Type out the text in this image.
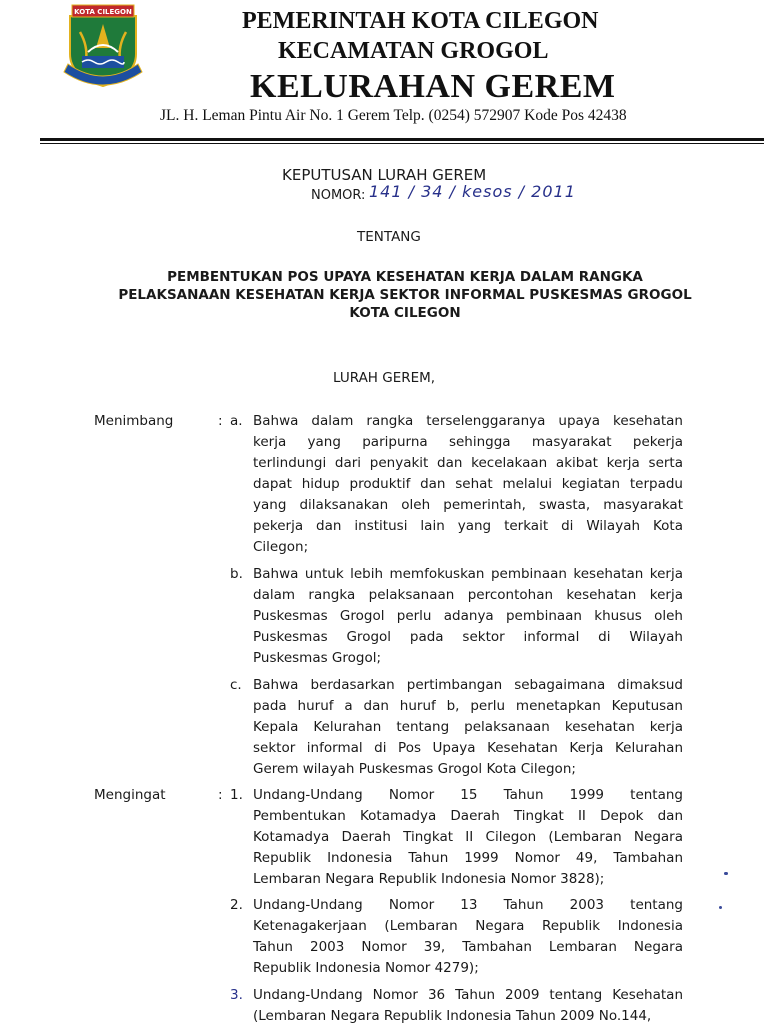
KOTA CILEGON	PEMERINTAH KOTA CILEGON
KECAMATAN GROGOL
KELURAHAN GEREM
JL. H. Leman Pintu Air No. 1 Gerem Telp. (0254) 572907 Kode Pos 42438
KEPUTUSAN LURAH GEREM
NOMOR: 141 / 34 / kesos / 2011
TENTANG
PEMBENTUKAN POS UPAYA KESEHATAN KERJA DALAM RANGKA PELAKSANAAN KESEHATAN KERJA SEKTOR INFORMAL PUSKESMAS GROGOL KOTA CILEGON
LURAH GEREM,
Menimbang	: a. Bahwa dalam rangka terselenggaranya upaya kesehatan
kerja yang paripurna sehingga masyarakat pekerja
terlindungi dari penyakit dan kecelakaan akibat kerja serta
dapat hidup produktif dan sehat melalui kegiatan terpadu
yang dilaksanakan oleh pemerintah, swasta, masyarakat
pekerja dan institusi lain yang terkait di Wilayah Kota
Cilegon;
b. Bahwa untuk lebih memfokuskan pembinaan kesehatan kerja
dalam rangka pelaksanaan percontohan kesehatan kerja
Puskesmas Grogol perlu adanya pembinaan khusus oleh
Puskesmas Grogol pada sektor informal di Wilayah
Puskesmas Grogol;
c. Bahwa berdasarkan pertimbangan sebagaimana dimaksud
pada huruf a dan huruf b, perlu menetapkan Keputusan
Kepala Kelurahan tentang pelaksanaan kesehatan kerja
sektor informal di Pos Upaya Kesehatan Kerja Kelurahan
Gerem wilayah Puskesmas Grogol Kota Cilegon;
Mengingat	: 1. Undang-Undang Nomor 15 Tahun 1999 tentang
Pembentukan Kotamadya Daerah Tingkat II Depok dan
Kotamadya Daerah Tingkat II Cilegon (Lembaran Negara
Republik Indonesia Tahun 1999 Nomor 49, Tambahan
Lembaran Negara Republik Indonesia Nomor 3828);
2. Undang-Undang Nomor 13 Tahun 2003 tentang
Ketenagakerjaan (Lembaran Negara Republik Indonesia
Tahun 2003 Nomor 39, Tambahan Lembaran Negara
Republik Indonesia Nomor 4279);
3. Undang-Undang Nomor 36 Tahun 2009 tentang Kesehatan
(Lembaran Negara Republik Indonesia Tahun 2009 No.144,
